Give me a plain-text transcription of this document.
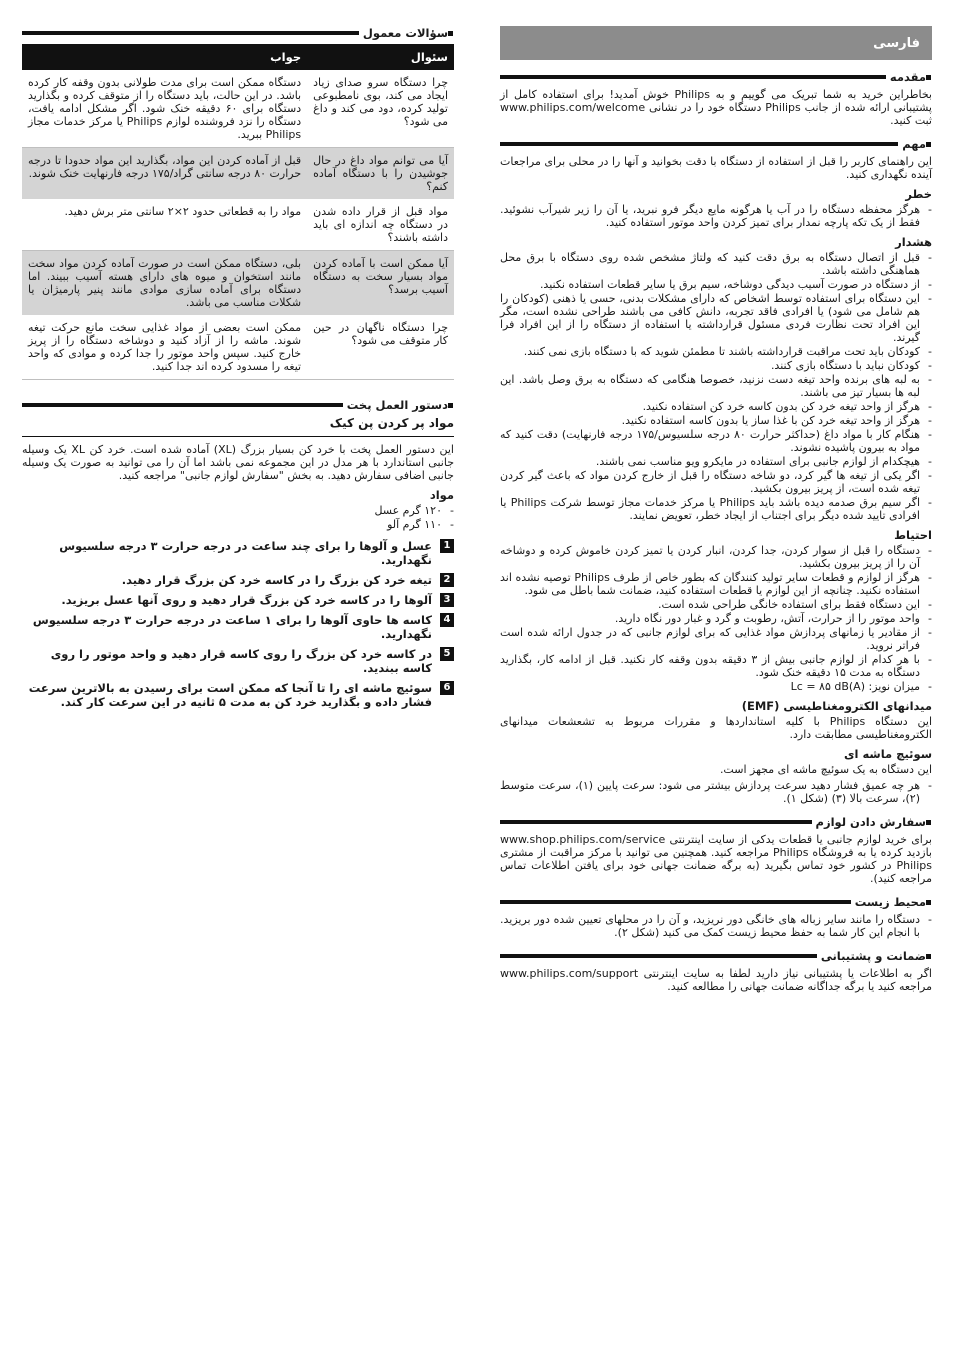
فارسی
مقدمه

بخاطراین خرید به شما تبریک می گوییم و به Philips خوش آمدید! برای استفاده کامل از پشتیبانی ارائه شده از جانب Philips دستگاه خود را در نشانی www.philips.com/welcome ثبت کنید.

مهم

این راهنمای کاربر را قبل از استفاده از دستگاه با دقت بخوانید و آنها را در محلی برای مراجعات آینده نگهداری کنید.

خطر
- هرگز محفظه دستگاه را در آب یا هرگونه مایع دیگر فرو نبرید، یا آن را زیر شیرآب نشوئید. فقط از یک تکه پارچه نمدار برای تمیز کردن واحد موتور استفاده کنید.
هشدار
- قبل از اتصال دستگاه به برق دقت کنید که ولتاژ مشخص شده روی دستگاه با برق محل هماهنگی داشته باشد.
- از دستگاه در صورت آسیب دیدگی دوشاخه، سیم برق یا سایر قطعات استفاده نکنید.
- این دستگاه برای استفاده توسط اشخاص که دارای مشکلات بدنی، حسی یا ذهنی (کودکان را هم شامل می شود) یا افرادی فاقد تجربه، دانش کافی می باشند طراحی نشده است، مگر این افراد تحت نظارت فردی مسئول قرارداشته یا استفاده از دستگاه را از این افراد فرا گیرند.
- کودکان باید تحت مراقبت قرارداشته باشند تا مطمئن شوید که با دستگاه بازی نمی کنند.
- کودکان نباید با دستگاه بازی کنند.
- به لبه های برنده واحد تیغه دست نزنید، خصوصا هنگامی که دستگاه به برق وصل باشد. این لبه ها بسیار تیز می باشند.
- هرگز از واحد تیغه خرد کن بدون کاسه خرد کن استفاده نکنید.
- هرگز از واحد تیغه خرد کن با غذا ساز یا بدون کاسه استفاده نکنید.
- هنگام کار با مواد داغ (حداکثر حرارت ۸۰ درجه سلسیوس/۱۷۵ درجه فارنهایت) دقت کنید که مواد به بیرون پاشیده نشوند.
- هیچکدام از لوازم جانبی برای استفاده در مایکرو ویو مناسب نمی باشند.
- اگر یکی از تیغه ها گیر کرد، دو شاخه دستگاه را قبل از خارج کردن مواد که باعث گیر کردن تیغه شده است، از پریز بیرون بکشید.
- اگر سیم برق صدمه دیده باشد باید Philips یا مرکز خدمات مجاز توسط شرکت Philips یا افرادی تایید شده دیگر برای اجتناب از ایجاد خطر، تعویض نمایند.
احتیاط
- دستگاه را قبل از سوار کردن، جدا کردن، انبار کردن یا تمیز کردن خاموش کرده و دوشاخه آن را از پریز بیرون بکشید.
- هرگز از لوازم و قطعات سایر تولید کنندگان که بطور خاص از طرف Philips توصیه نشده اند استفاده نکنید. چنانچه از این لوازم یا قطعات استفاده کنید، ضمانت شما باطل می شود.
- این دستگاه فقط برای استفاده خانگی طراحی شده است.
- واحد موتور را از حرارت، آتش، رطوبت و گرد و غبار دور نگاه دارید.
- از مقادیر یا زمانهای پردازش مواد غذایی که برای لوازم جانبی که در جدول ارائه شده است فراتر نروید.
- با هر کدام از لوازم جانبی بیش از ۳ دقیقه بدون وقفه کار نکنید. قبل از ادامه کار، بگذارید دستگاه به مدت ۱۵ دقیقه خنک شود.
- میزان نویز: Lc = ۸۵ dB(A)
میدانهای الکترومغناطیسی (EMF)

این دستگاه Philips با کلیه استانداردها و مقررات مربوط به تشعشعات میدانهای الکترومغناطیسی مطابقت دارد.

سوئیچ ماشه ای

این دستگاه به یک سوئیچ ماشه ای مجهز است.

- هر چه عمیق فشار دهید سرعت پردازش بیشتر می شود: سرعت پایین (۱)، سرعت متوسط (۲)، سرعت بالا (۳) (شکل ۱).
سفارش دادن لوازم

برای خرید لوازم جانبی یا قطعات یدکی از سایت اینترنتی www.shop.philips.com/service بازدید کرده یا به فروشگاه Philips مراجعه کنید. همچنین می توانید با مرکز مراقبت از مشتری Philips در کشور خود تماس بگیرید (به برگه ضمانت جهانی خود برای یافتن اطلاعات تماس مراجعه کنید).

محیط زیست
- دستگاه را مانند سایر زباله های خانگی دور نریزید، و آن را در محلهای تعیین شده دور بریزید. با انجام این کار شما به حفظ محیط زیست کمک می کنید (شکل ۲).
ضمانت و پشتیبانی

اگر به اطلاعات یا پشتیبانی نیاز دارید لطفا به سایت اینترنتی www.philips.com/support مراجعه کنید یا برگه جداگانه ضمانت جهانی را مطالعه کنید.

سؤالات معمول
سئوال	جواب
چرا دستگاه سرو صدای زیاد ایجاد می کند، بوی نامطبوعی تولید کرده، دود می کند و داغ می شود؟	دستگاه ممکن است برای مدت طولانی بدون وقفه کار کرده باشد. در این حالت، باید دستگاه را از متوقف کرده و بگذارید دستگاه برای ۶۰ دقیقه خنک شود. اگر مشکل ادامه یافت، دستگاه را نزد فروشنده لوازم Philips یا مرکز خدمات مجاز Philips ببرید.
آیا می توانم مواد داغ در حال جوشیدن را با دستگاه آماده کنم؟	قبل از آماده کردن این مواد، بگذارید این مواد حدودا تا درجه حرارت ۸۰ درجه سانتی گراد/۱۷۵ درجه فارنهایت خنک شوند.
مواد قبل از قرار داده شدن در دستگاه چه اندازه ای باید داشته باشند؟	مواد را به قطعاتی حدود ۲×۲ سانتی متر برش دهید.
آیا ممکن است با آماده کردن مواد بسیار سخت به دستگاه آسیب برسد؟	بلی، دستگاه ممکن است در صورت آماده کردن مواد سخت مانند استخوان و میوه های دارای هسته آسیب ببیند. اما دستگاه برای آماده سازی موادی مانند پنیر پارمیژان یا شکلات مناسب می باشد.
چرا دستگاه ناگهان در حین کار متوقف می شود؟	ممکن است بعضی از مواد غذایی سخت مانع حرکت تیغه شوند. ماشه را از آزاد کنید و دوشاخه دستگاه را از پریز خارج کنید. سپس واحد موتور را جدا کرده و موادی که واحد تیغه را مسدود کرده اند جدا کنید.
دستور العمل پخت
مواد پر کردن پن کیک

این دستور العمل پخت با خرد کن بسیار بزرگ (XL) آماده شده است. خرد کن XL یک وسیله جانبی استاندارد با هر مدل در این مجموعه نمی باشد اما آن را می توانید به صورت یک وسیله جانبی اضافی سفارش دهید. به بخش "سفارش لوازم جانبی" مراجعه کنید.

مواد
- ۱۲۰ گرم عسل
- ۱۱۰ گرم آلو
1
عسل و آلوها را برای چند ساعت در درجه حرارت ۳ درجه سلسیوس نگهدارید.
2
تیغه خرد کن بزرگ را در کاسه خرد کن بزرگ قرار دهید.
3
آلوها را در کاسه خرد کن بزرگ قرار دهید و روی آنها عسل بریزید.
4
کاسه ها حاوی آلوها را برای ۱ ساعت در درجه حرارت ۳ درجه سلسیوس نگهدارید.
5
در کاسه خرد کن بزرگ را روی کاسه قرار دهید و واحد موتور را روی کاسه ببندید.
6
سوئیچ ماشه ای را تا آنجا که ممکن است برای رسیدن به بالاترین سرعت فشار داده و بگذارید خرد کن به مدت ۵ ثانیه در این سرعت کار کند.
